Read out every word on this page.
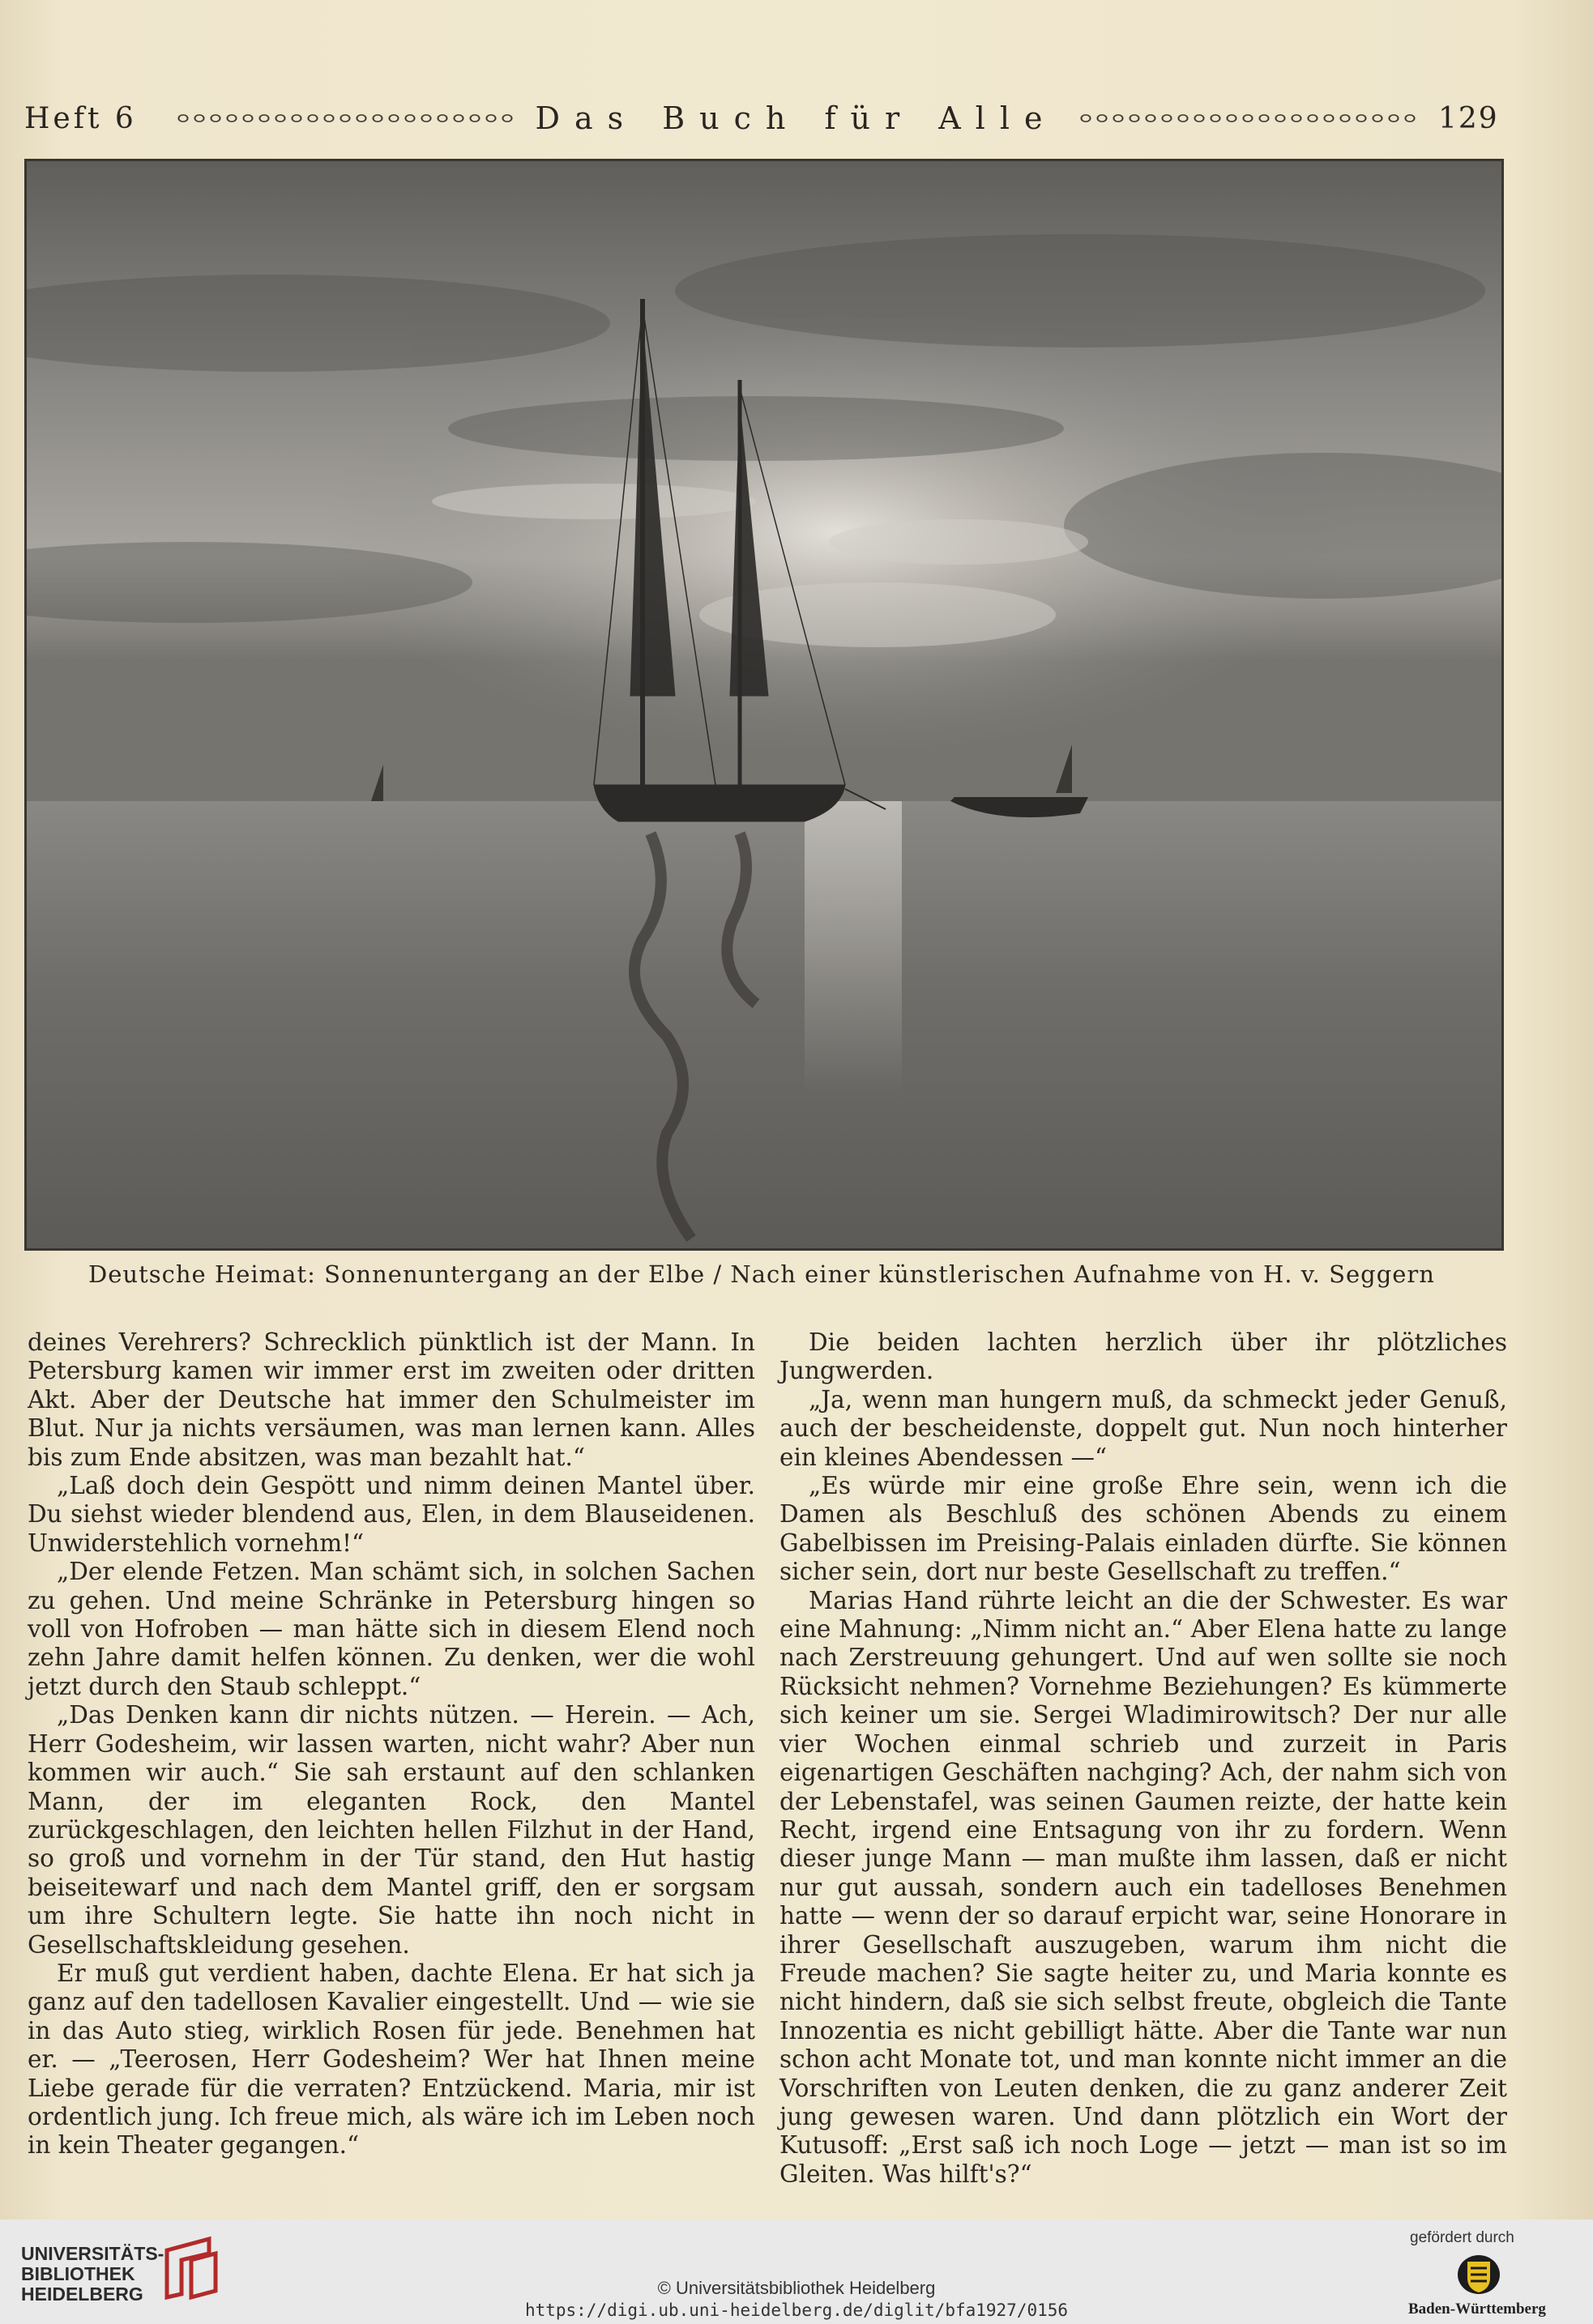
Heft 6	Das Buch für Alle	129
Deutsche Heimat: Sonnenuntergang an der Elbe / Nach einer künstlerischen Aufnahme von H. v. Seggern

deines Verehrers? Schrecklich pünktlich ist der Mann. In Petersburg kamen wir immer erst im zweiten oder dritten Akt. Aber der Deutsche hat immer den Schulmeister im Blut. Nur ja nichts versäumen, was man lernen kann. Alles bis zum Ende absitzen, was man bezahlt hat.“

„Laß doch dein Gespött und nimm deinen Mantel über. Du siehst wieder blendend aus, Elen, in dem Blauseidenen. Unwiderstehlich vornehm!“

„Der elende Fetzen. Man schämt sich, in solchen Sachen zu gehen. Und meine Schränke in Petersburg hingen so voll von Hofroben — man hätte sich in diesem Elend noch zehn Jahre damit helfen können. Zu denken, wer die wohl jetzt durch den Staub schleppt.“

„Das Denken kann dir nichts nützen. — Herein. — Ach, Herr Godesheim, wir lassen warten, nicht wahr? Aber nun kommen wir auch.“ Sie sah erstaunt auf den schlanken Mann, der im eleganten Rock, den Mantel zurückgeschlagen, den leichten hellen Filzhut in der Hand, so groß und vornehm in der Tür stand, den Hut hastig beiseitewarf und nach dem Mantel griff, den er sorgsam um ihre Schultern legte. Sie hatte ihn noch nicht in Gesellschaftskleidung gesehen.

Er muß gut verdient haben, dachte Elena. Er hat sich ja ganz auf den tadellosen Kavalier eingestellt. Und — wie sie in das Auto stieg, wirklich Rosen für jede. Benehmen hat er. — „Teerosen, Herr Godesheim? Wer hat Ihnen meine Liebe gerade für die verraten? Entzückend. Maria, mir ist ordentlich jung. Ich freue mich, als wäre ich im Leben noch in kein Theater gegangen.“

Die beiden lachten herzlich über ihr plötzliches Jungwerden.

„Ja, wenn man hungern muß, da schmeckt jeder Genuß, auch der bescheidenste, doppelt gut. Nun noch hinterher ein kleines Abendessen —“

„Es würde mir eine große Ehre sein, wenn ich die Damen als Beschluß des schönen Abends zu einem Gabelbissen im Preising-Palais einladen dürfte. Sie können sicher sein, dort nur beste Gesellschaft zu treffen.“

Marias Hand rührte leicht an die der Schwester. Es war eine Mahnung: „Nimm nicht an.“ Aber Elena hatte zu lange nach Zerstreuung gehungert. Und auf wen sollte sie noch Rücksicht nehmen? Vornehme Beziehungen? Es kümmerte sich keiner um sie. Sergei Wladimirowitsch? Der nur alle vier Wochen einmal schrieb und zurzeit in Paris eigenartigen Geschäften nachging? Ach, der nahm sich von der Lebenstafel, was seinen Gaumen reizte, der hatte kein Recht, irgend eine Entsagung von ihr zu fordern. Wenn dieser junge Mann — man mußte ihm lassen, daß er nicht nur gut aussah, sondern auch ein tadelloses Benehmen hatte — wenn der so darauf erpicht war, seine Honorare in ihrer Gesellschaft auszugeben, warum ihm nicht die Freude machen? Sie sagte heiter zu, und Maria konnte es nicht hindern, daß sie sich selbst freute, obgleich die Tante Innozentia es nicht gebilligt hätte. Aber die Tante war nun schon acht Monate tot, und man konnte nicht immer an die Vorschriften von Leuten denken, die zu ganz anderer Zeit jung gewesen waren. Und dann plötzlich ein Wort der Kutusoff: „Erst saß ich noch Loge — jetzt — man ist so im Gleiten. Was hilft's?“

UNIVERSITÄTS-
BIBLIOTHEK
HEIDELBERG	© Universitätsbibliothek Heidelberg
https://digi.ub.uni-heidelberg.de/diglit/bfa1927/0156
gefördert durch
Baden-Württemberg
